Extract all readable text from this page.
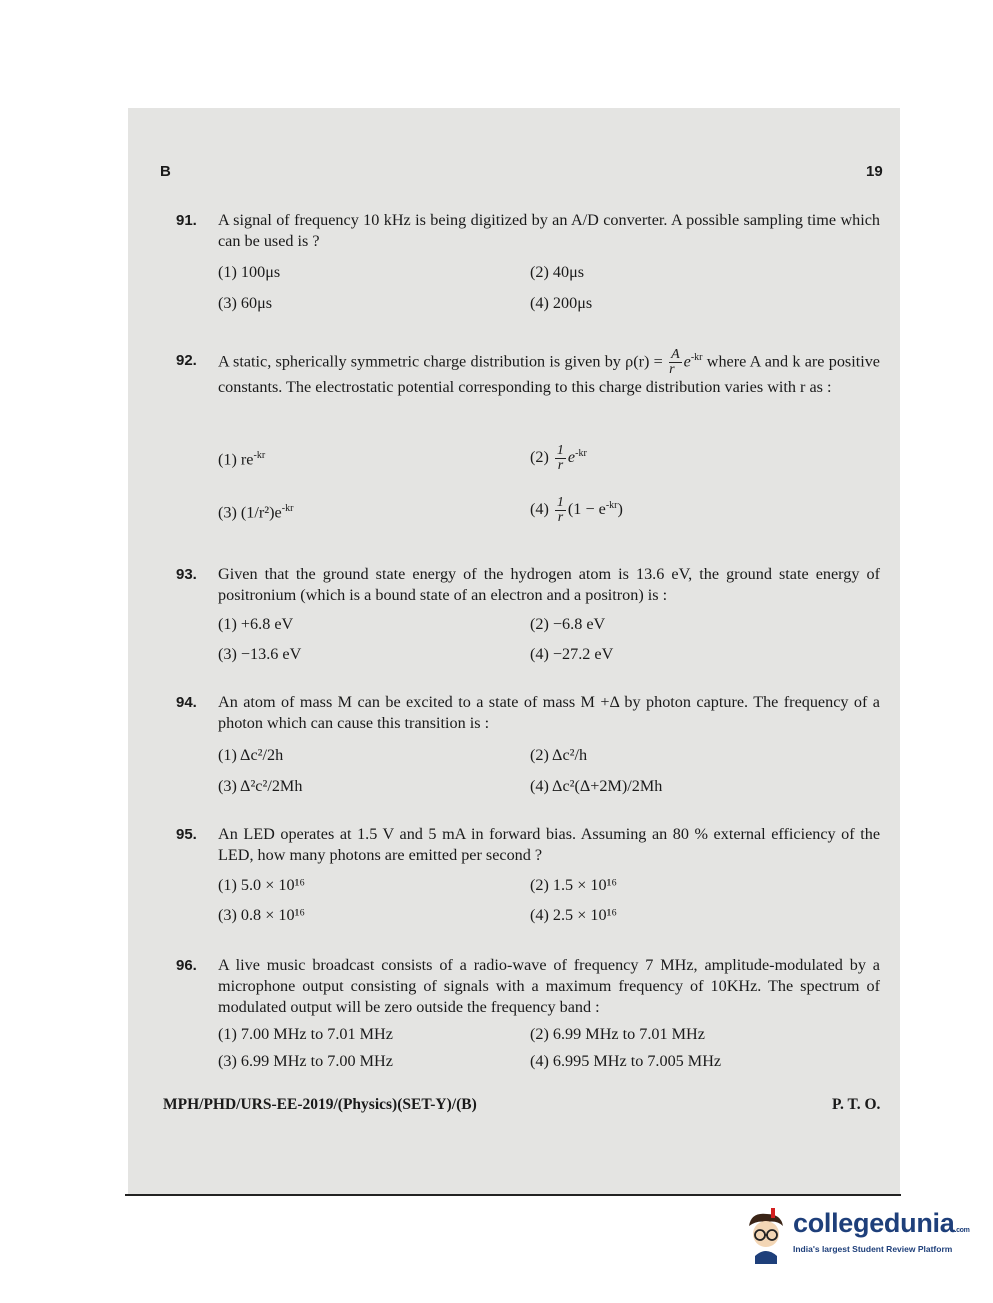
B	19
91. A signal of frequency 10 kHz is being digitized by an A/D converter. A possible sampling time which can be used is ?
(1) 100μs	(2) 40μs
(3) 60μs	(4) 200μs
92. A static, spherically symmetric charge distribution is given by $\rho(r) = \frac{A}{r} e^{-kr}$ where A and k are positive constants. The electrostatic potential corresponding to this charge distribution varies with r as :
(1) $re^{-kr}$	$(2) \frac{1}{r} e^{-kr}$
(3) $(1/r^2)e^{-kr}$	$(4) \frac{1}{r} (1 - e^{-kr})$
93. Given that the ground state energy of the hydrogen atom is 13.6 eV, the ground state energy of positronium (which is a bound state of an electron and a positron) is :
(1) +6.8 eV	(2) −6.8 eV
(3) −13.6 eV	(4) −27.2 eV
94. An atom of mass M can be excited to a state of mass M +Δ by photon capture. The frequency of a photon which can cause this transition is :
(1) Δc²/2h	(2) Δc²/h
(3) Δ²c²/2Mh	(4) Δc²(Δ+2M)/2Mh
95. An LED operates at 1.5 V and 5 mA in forward bias. Assuming an 80 % external efficiency of the LED, how many photons are emitted per second ?
(1) 5.0 × 10¹⁶	(2) 1.5 × 10¹⁶
(3) 0.8 × 10¹⁶	(4) 2.5 × 10¹⁶
96. A live music broadcast consists of a radio-wave of frequency 7 MHz, amplitude-modulated by a microphone output consisting of signals with a maximum frequency of 10KHz. The spectrum of modulated output will be zero outside the frequency band :
(1) 7.00 MHz to 7.01 MHz	(2) 6.99 MHz to 7.01 MHz
(3) 6.99 MHz to 7.00 MHz	(4) 6.995 MHz to 7.005 MHz
MPH/PHD/URS-EE-2019/(Physics)(SET-Y)/(B)	P. T. O.
collegedunia.com
India's largest Student Review Platform
